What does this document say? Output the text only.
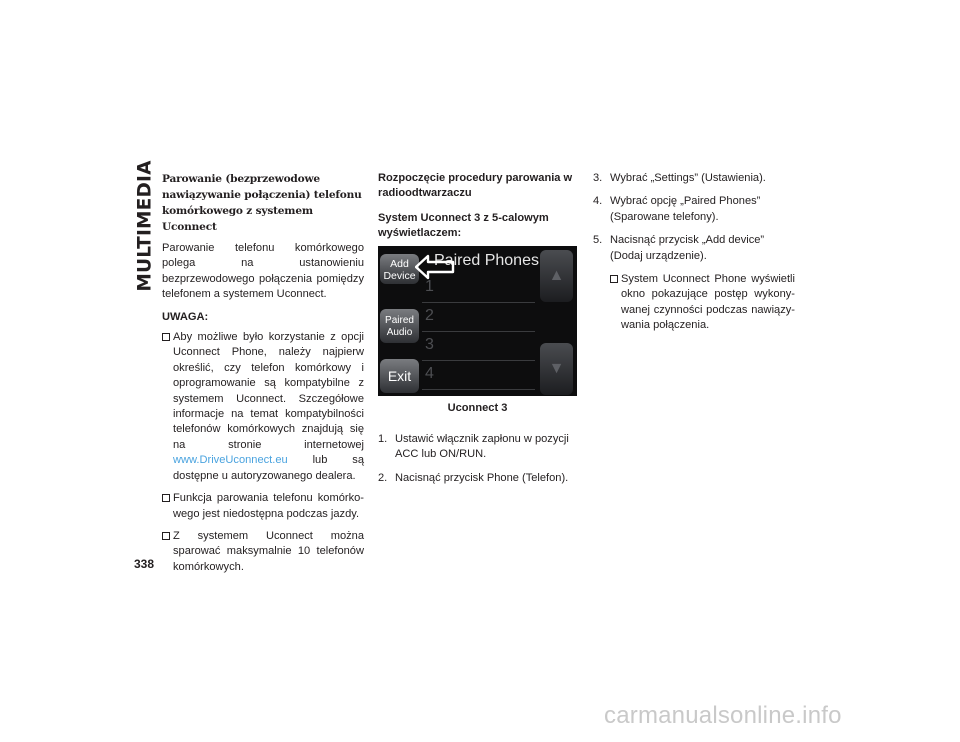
MULTIMEDIA Parowanie (bezprzewodowe nawiązywanie połączenia) telefonu komórkowego z systemem Uconnect

Parowanie telefonu komórkowego polega na ustanowieniu bezprzewodowego połączenia pomiędzy telefonem a systemem Uconnect.

UWAGA:

Aby możliwe było korzystanie z opcji Uconnect Phone, należy najpierw określić, czy telefon komórkowy i oprogramowanie są kompatybilne z systemem Uconnect. Szczegółowe informacje na temat kompatybilności telefonów komórkowych znajdują się na stronie internetowej www.DriveUconnect.eu lub są dostępne u autoryzowanego dealera.
Funkcja parowania telefonu komórkowego jest niedostępna podczas jazdy.
Z systemem Uconnect można sparować maksymalnie 10 telefonów komórkowych.

Rozpoczęcie procedury parowania w radioodtwarzaczu

System Uconnect 3 z 5-calowym wyświetlaczem:

Add
Device
Paired
Audio
Exit
Paired Phones
1
2
3
4
▲
▼
Uconnect 3
1. Ustawić włącznik zapłonu w pozycji ACC lub ON/RUN.
2. Nacisnąć przycisk Phone (Telefon).
3. Wybrać „Settings” (Ustawienia).
4. Wybrać opcję „Paired Phones” (Sparowane telefony).
5. Nacisnąć przycisk „Add device” (Dodaj urządzenie).
System Uconnect Phone wyświetli okno pokazujące postęp wykonywanej czynności podczas nawiązywania połączenia.
338
carmanualsonline.info
